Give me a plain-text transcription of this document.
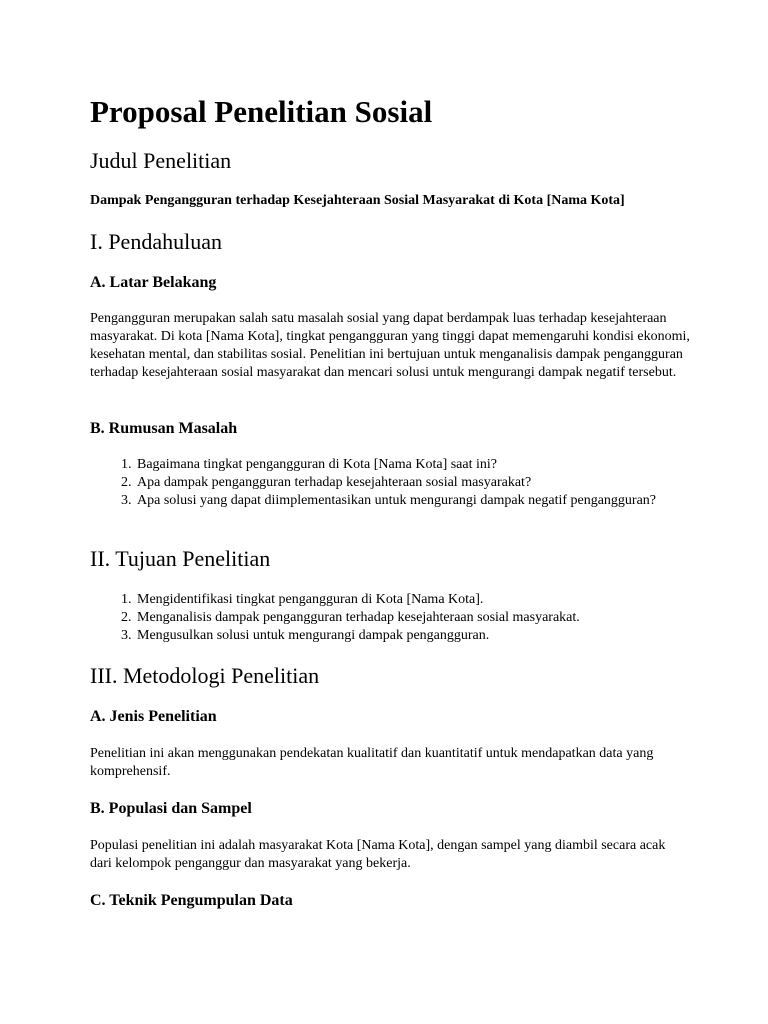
Proposal Penelitian Sosial
Judul Penelitian

Dampak Pengangguran terhadap Kesejahteraan Sosial Masyarakat di Kota [Nama Kota]

I. Pendahuluan
A. Latar Belakang

Pengangguran merupakan salah satu masalah sosial yang dapat berdampak luas terhadap kesejahteraan masyarakat. Di kota [Nama Kota], tingkat pengangguran yang tinggi dapat memengaruhi kondisi ekonomi, kesehatan mental, dan stabilitas sosial. Penelitian ini bertujuan untuk menganalisis dampak pengangguran terhadap kesejahteraan sosial masyarakat dan mencari solusi untuk mengurangi dampak negatif tersebut.

B. Rumusan Masalah
1. Bagaimana tingkat pengangguran di Kota [Nama Kota] saat ini?
2. Apa dampak pengangguran terhadap kesejahteraan sosial masyarakat?
3. Apa solusi yang dapat diimplementasikan untuk mengurangi dampak negatif pengangguran?
II. Tujuan Penelitian
1. Mengidentifikasi tingkat pengangguran di Kota [Nama Kota].
2. Menganalisis dampak pengangguran terhadap kesejahteraan sosial masyarakat.
3. Mengusulkan solusi untuk mengurangi dampak pengangguran.
III. Metodologi Penelitian
A. Jenis Penelitian

Penelitian ini akan menggunakan pendekatan kualitatif dan kuantitatif untuk mendapatkan data yang komprehensif.

B. Populasi dan Sampel

Populasi penelitian ini adalah masyarakat Kota [Nama Kota], dengan sampel yang diambil secara acak dari kelompok penganggur dan masyarakat yang bekerja.

C. Teknik Pengumpulan Data
